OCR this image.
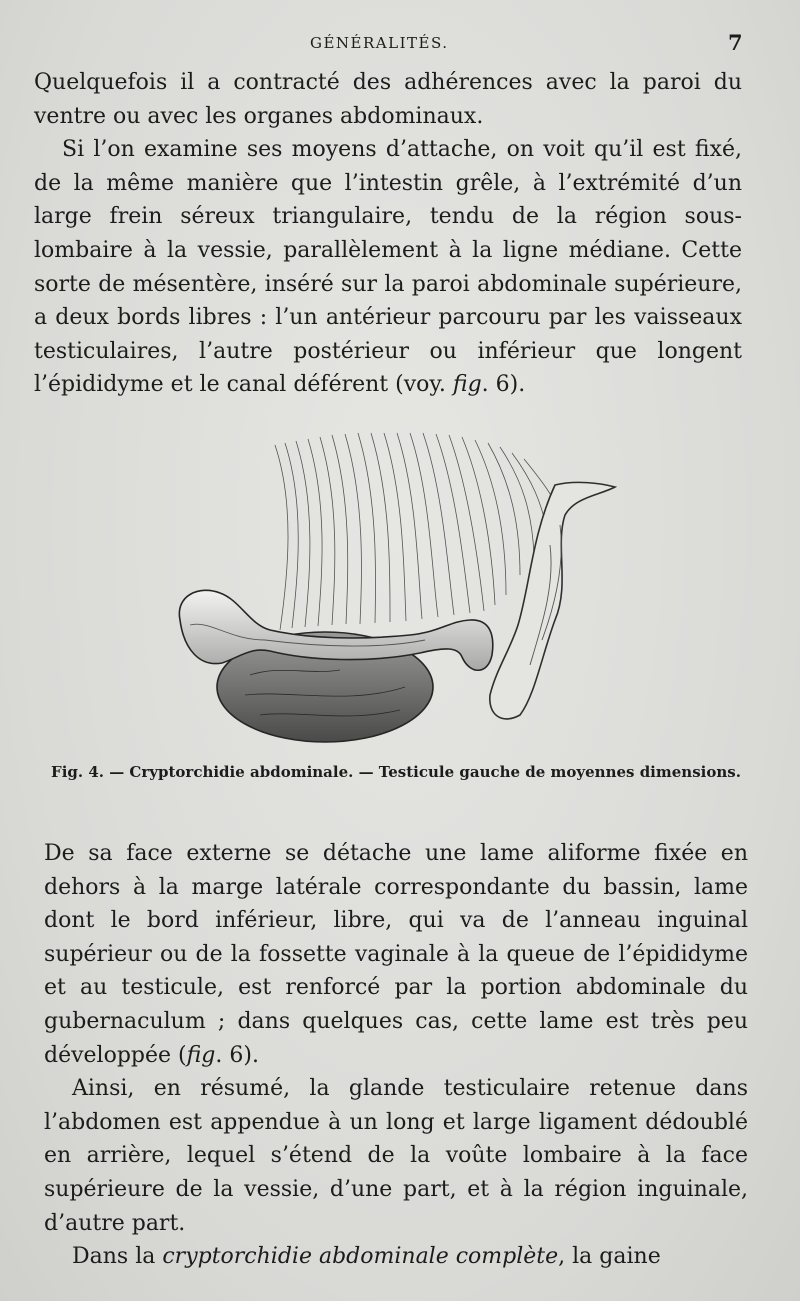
GÉNÉRALITÉS.	7

Quelquefois il a contracté des adhérences avec la paroi du ventre ou avec les organes abdominaux.

Si l’on examine ses moyens d’attache, on voit qu’il est fixé, de la même manière que l’intestin grêle, à l’extrémité d’un large frein séreux triangulaire, tendu de la région sous-lombaire à la vessie, parallèlement à la ligne médiane. Cette sorte de mésentère, inséré sur la paroi abdominale supérieure, a deux bords libres : l’un antérieur parcouru par les vaisseaux testiculaires, l’autre postérieur ou inférieur que longent l’épididyme et le canal déférent (voy. fig. 6).

Fig. 4. — Cryptorchidie abdominale. — Testicule gauche de moyennes dimensions.

De sa face externe se détache une lame aliforme fixée en dehors à la marge latérale correspondante du bassin, lame dont le bord inférieur, libre, qui va de l’anneau inguinal supérieur ou de la fossette vaginale à la queue de l’épididyme et au testicule, est renforcé par la portion abdominale du gubernaculum ; dans quelques cas, cette lame est très peu développée (fig. 6).

Ainsi, en résumé, la glande testiculaire retenue dans l’abdomen est appendue à un long et large ligament dédoublé en arrière, lequel s’étend de la voûte lombaire à la face supérieure de la vessie, d’une part, et à la région inguinale, d’autre part.

Dans la cryptorchidie abdominale complète, la gaine
